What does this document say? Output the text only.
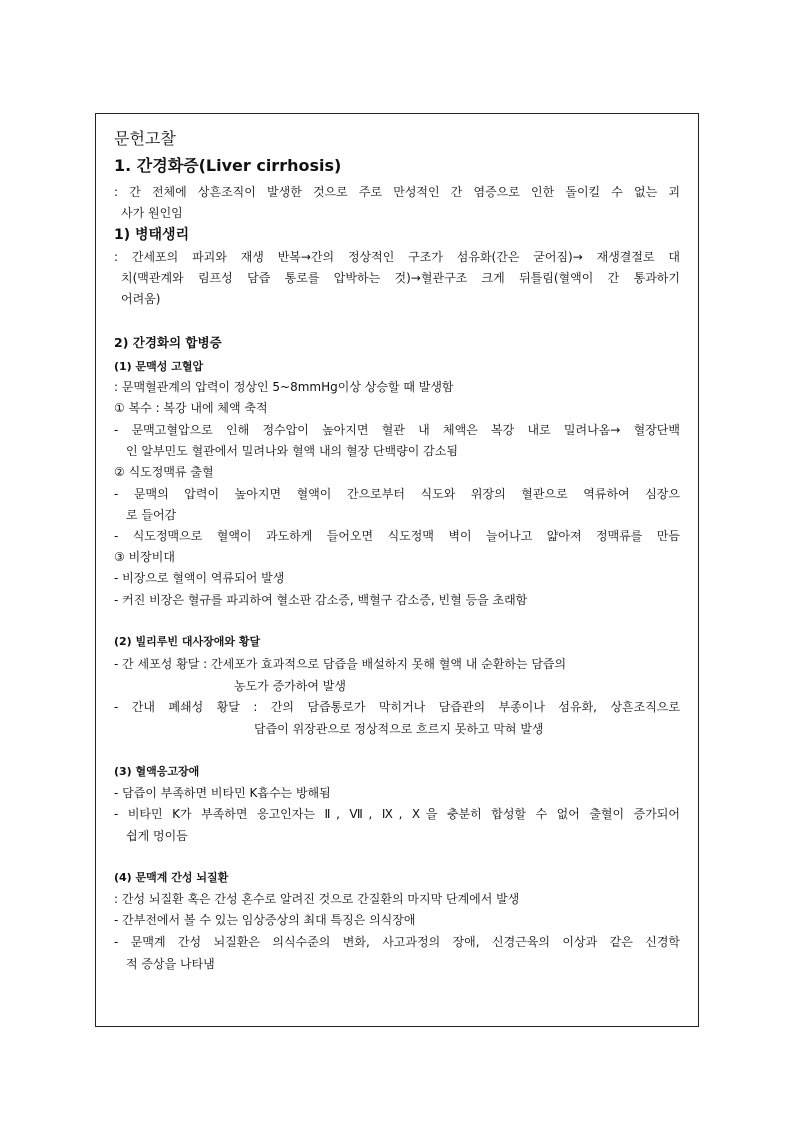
문헌고찰
1. 간경화증(Liver cirrhosis)
: 간 전체에 상흔조직이 발생한 것으로 주로 만성적인 간 염증으로 인한 돌이킬 수 없는 괴
사가 원인임
1) 병태생리
: 간세포의 파괴와 재생 반복→간의 정상적인 구조가 섬유화(간은 굳어짐)→ 재생결절로 대
치(맥관계와 림프성 담즙 통로를 압박하는 것)→혈관구조 크게 뒤틀림(혈액이 간 통과하기
어려움)
2) 간경화의 합병증
(1) 문맥성 고혈압
: 문맥혈관계의 압력이 정상인 5~8mmHg이상 상승할 때 발생함
① 복수 : 복강 내에 체액 축적
- 문맥고혈압으로 인해 정수압이 높아지면 혈관 내 체액은 복강 내로 밀려나옴→ 혈장단백
인 알부민도 혈관에서 밀려나와 혈액 내의 혈장 단백량이 감소됨
② 식도정맥류 출혈
- 문맥의 압력이 높아지면 혈액이 간으로부터 식도와 위장의 혈관으로 역류하여 심장으
로 들어감
- 식도정맥으로 혈액이 과도하게 들어오면 식도정맥 벽이 늘어나고 얇아져 정맥류를 만듬
③ 비장비대
- 비장으로 혈액이 역류되어 발생
- 커진 비장은 혈규를 파괴하여 혈소판 감소증, 백혈구 감소증, 빈혈 등을 초래함
(2) 빌리루빈 대사장애와 황달
- 간 세포성 황달 : 간세포가 효과적으로 담즙을 배설하지 못해 혈액 내 순환하는 담즙의
농도가 증가하여 발생
- 간내 폐쇄성 황달 : 간의 담즙통로가 막히거나 담즙관의 부종이나 섬유화, 상흔조직으로
담즙이 위장관으로 정상적으로 흐르지 못하고 막혀 발생
(3) 혈액응고장애
- 담즙이 부족하면 비타민 K흡수는 방해됨
- 비타민 K가 부족하면 응고인자는 Ⅱ, Ⅶ, Ⅸ, Ⅹ을 충분히 합성할 수 없어 출혈이 증가되어
쉽게 멍이듬
(4) 문맥계 간성 뇌질환
: 간성 뇌질환 혹은 간성 혼수로 알려진 것으로 간질환의 마지막 단계에서 발생
- 간부전에서 볼 수 있는 임상증상의 최대 특징은 의식장애
- 문맥계 간성 뇌질환은 의식수준의 변화, 사고과정의 장애, 신경근육의 이상과 같은 신경학
적 증상을 나타냄
